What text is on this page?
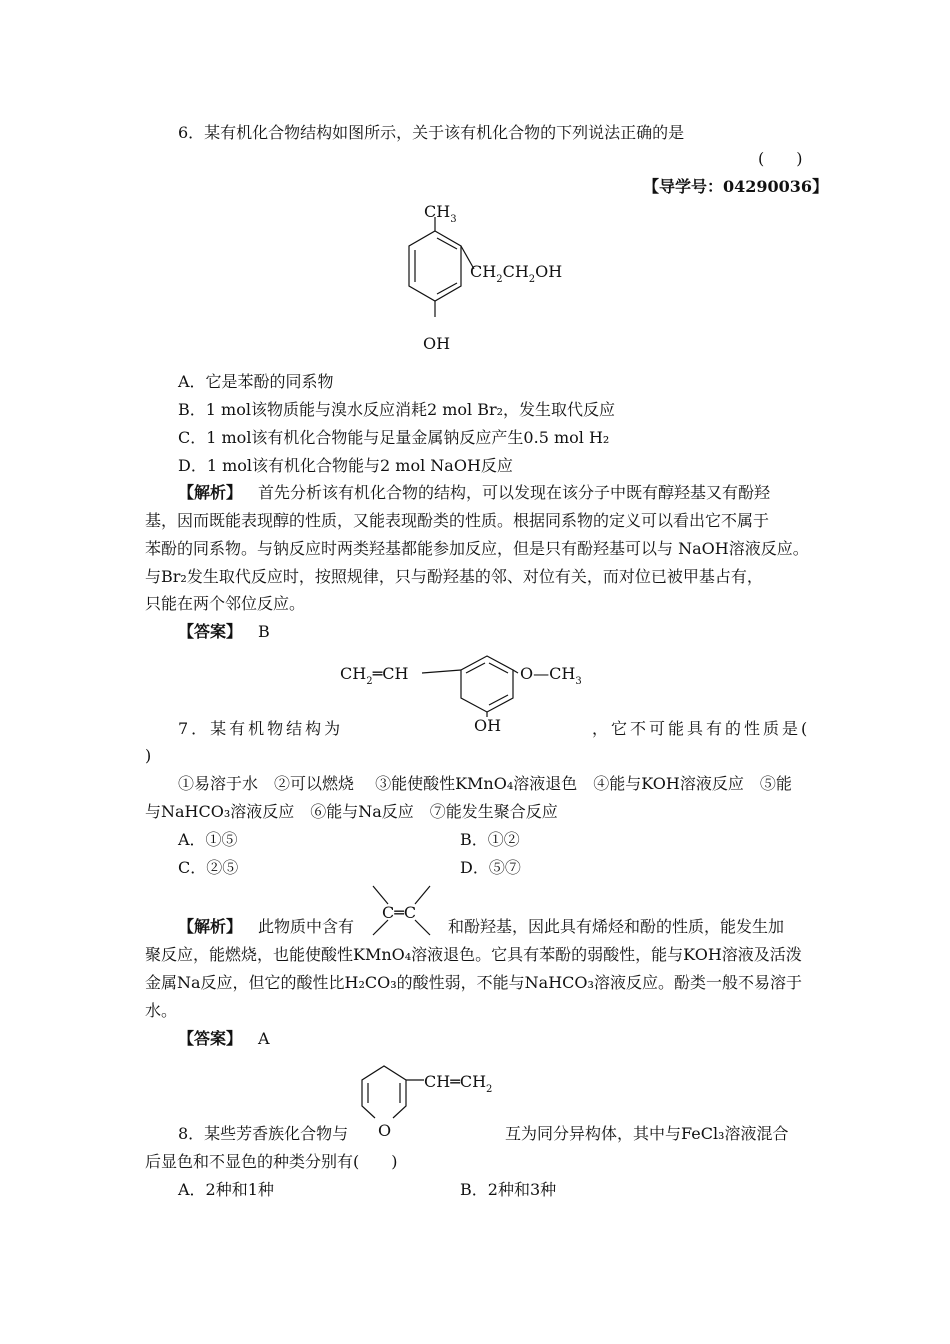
6．某有机化合物结构如图所示，关于该有机化合物的下列说法正确的是
(　　)
【导学号：04290036】
$CH_3$
$CH_2CH_2OH$
OH
A．它是苯酚的同系物
B．1 mol该物质能与溴水反应消耗2 mol Br₂，发生取代反应
C．1 mol该有机化合物能与足量金属钠反应产生0.5 mol H₂
D．1 mol该有机化合物能与2 mol NaOH反应
【解析】 首先分析该有机化合物的结构，可以发现在该分子中既有醇羟基又有酚羟
基，因而既能表现醇的性质，又能表现酚类的性质。根据同系物的定义可以看出它不属于
苯酚的同系物。与钠反应时两类羟基都能参加反应，但是只有酚羟基可以与 NaOH溶液反应。
与Br₂发生取代反应时，按照规律，只与酚羟基的邻、对位有关，而对位已被甲基占有，
只能在两个邻位反应。
【答案】 B
$CH_2═CH$	$O—CH_3$
OH
7．某有机物结构为	，它不可能具有的性质是(
)
①易溶于水　②可以燃烧　 ③能使酸性KMnO₄溶液退色　④能与KOH溶液反应　⑤能
与NaHCO₃溶液反应　⑥能与Na反应　⑦能发生聚合反应
A．①⑤	B．①②
C．②⑤	D．⑤⑦
【解析】 此物质中含有
C═C
和酚羟基，因此具有烯烃和酚的性质，能发生加
聚反应，能燃烧，也能使酸性KMnO₄溶液退色。它具有苯酚的弱酸性，能与KOH溶液及活泼
金属Na反应，但它的酸性比H₂CO₃的酸性弱，不能与NaHCO₃溶液反应。酚类一般不易溶于
水。
【答案】 A
O
$CH═CH_2$
8．某些芳香族化合物与	互为同分异构体，其中与FeCl₃溶液混合
后显色和不显色的种类分别有(　　)
A．2种和1种	B．2种和3种
